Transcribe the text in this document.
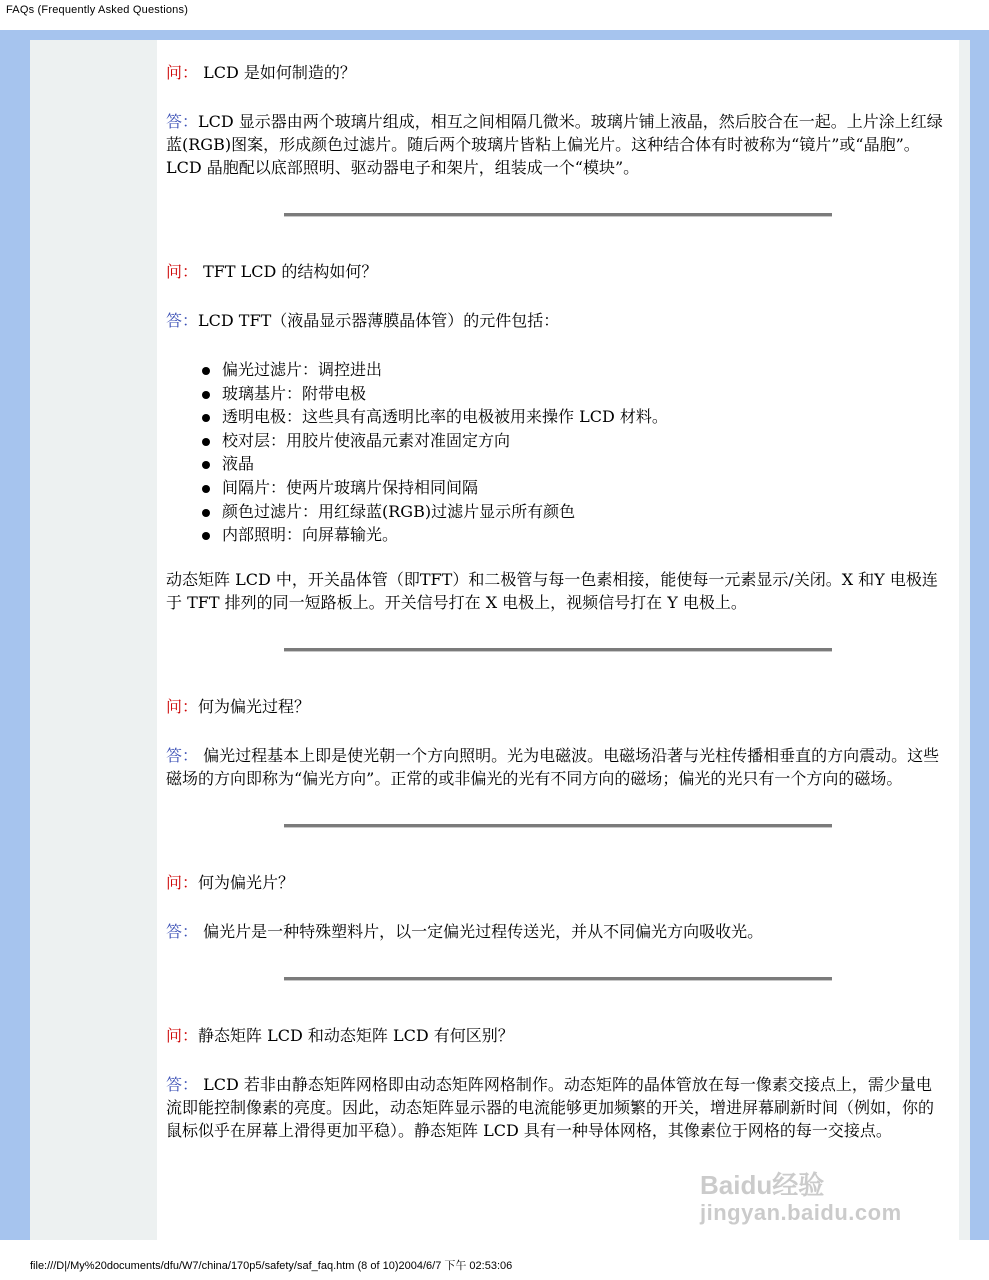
FAQs (Frequently Asked Questions)

问： LCD 是如何制造的？

答：LCD 显示器由两个玻璃片组成，相互之间相隔几微米。玻璃片铺上液晶，然后胶合在一起。上片涂上红绿蓝(RGB)图案，形成颜色过滤片。随后两个玻璃片皆粘上偏光片。这种结合体有时被称为“镜片”或“晶胞”。LCD 晶胞配以底部照明、驱动器电子和架片，组装成一个“模块”。

问： TFT LCD 的结构如何？

答：LCD TFT（液晶显示器薄膜晶体管）的元件包括：

偏光过滤片：调控进出
玻璃基片：附带电极
透明电极：这些具有高透明比率的电极被用来操作 LCD 材料。
校对层：用胶片使液晶元素对准固定方向
液晶
间隔片：使两片玻璃片保持相同间隔
颜色过滤片：用红绿蓝(RGB)过滤片显示所有颜色
内部照明：向屏幕输光。

动态矩阵 LCD 中，开关晶体管（即TFT）和二极管与每一色素相接，能使每一元素显示/关闭。X 和Y 电极连于 TFT 排列的同一短路板上。开关信号打在 X 电极上，视频信号打在 Y 电极上。

问：何为偏光过程？

答： 偏光过程基本上即是使光朝一个方向照明。光为电磁波。电磁场沿著与光柱传播相垂直的方向震动。这些磁场的方向即称为“偏光方向”。正常的或非偏光的光有不同方向的磁场；偏光的光只有一个方向的磁场。

问：何为偏光片？

答： 偏光片是一种特殊塑料片，以一定偏光过程传送光，并从不同偏光方向吸收光。

问：静态矩阵 LCD 和动态矩阵 LCD 有何区别？

答： LCD 若非由静态矩阵网格即由动态矩阵网格制作。动态矩阵的晶体管放在每一像素交接点上，需少量电流即能控制像素的亮度。因此，动态矩阵显示器的电流能够更加频繁的开关，增进屏幕刷新时间（例如，你的鼠标似乎在屏幕上滑得更加平稳）。静态矩阵 LCD 具有一种导体网格，其像素位于网格的每一交接点。

Baidu经验
jingyan.baidu.com
file:///D|/My%20documents/dfu/W7/china/170p5/safety/saf_faq.htm (8 of 10)2004/6/7 下午 02:53:06
